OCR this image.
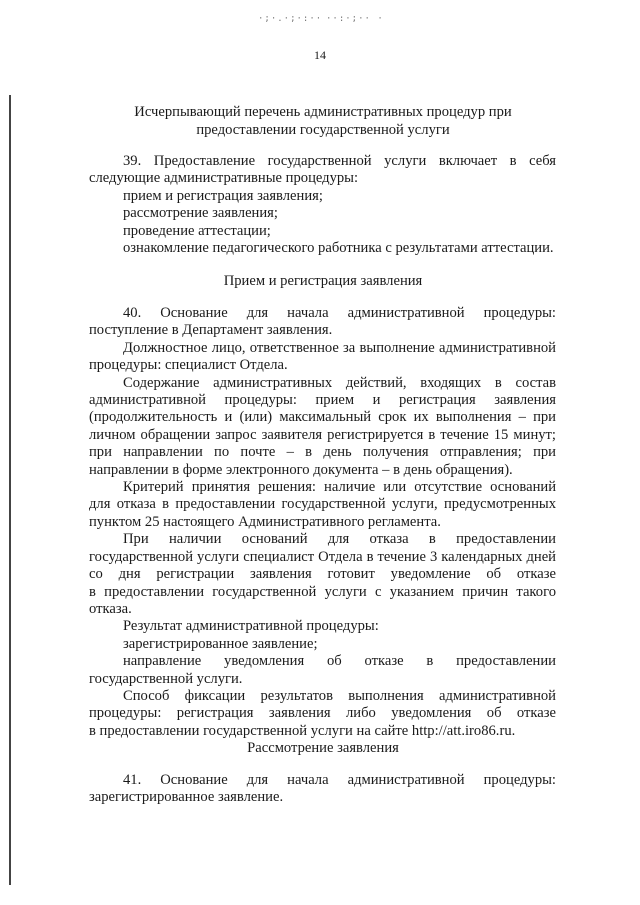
·;·.·;·:·· ··:·;·· ·
14
Исчерпывающий перечень административных процедур при
предоставлении государственной услуги
39. Предоставление государственной услуги включает в себя
следующие административные процедуры:
прием и регистрация заявления;
рассмотрение заявления;
проведение аттестации;
ознакомление педагогического работника с результатами аттестации.
Прием и регистрация заявления
40. Основание для начала административной процедуры:
поступление в Департамент заявления.
Должностное лицо, ответственное за выполнение административной
процедуры: специалист Отдела.
Содержание административных действий, входящих в состав
административной процедуры: прием и регистрация заявления
(продолжительность и (или) максимальный срок их выполнения – при
личном обращении запрос заявителя регистрируется в течение 15 минут;
при направлении по почте – в день получения отправления; при
направлении в форме электронного документа – в день обращения).
Критерий принятия решения: наличие или отсутствие оснований
для отказа в предоставлении государственной услуги, предусмотренных
пунктом 25 настоящего Административного регламента.
При наличии оснований для отказа в предоставлении
государственной услуги специалист Отдела в течение 3 календарных дней
со дня регистрации заявления готовит уведомление об отказе
в предоставлении государственной услуги с указанием причин такого
отказа.
Результат административной процедуры:
зарегистрированное заявление;
направление уведомления об отказе в предоставлении
государственной услуги.
Способ фиксации результатов выполнения административной
процедуры: регистрация заявления либо уведомления об отказе
в предоставлении государственной услуги на сайте http://att.iro86.ru.
Рассмотрение заявления
41. Основание для начала административной процедуры:
зарегистрированное заявление.
